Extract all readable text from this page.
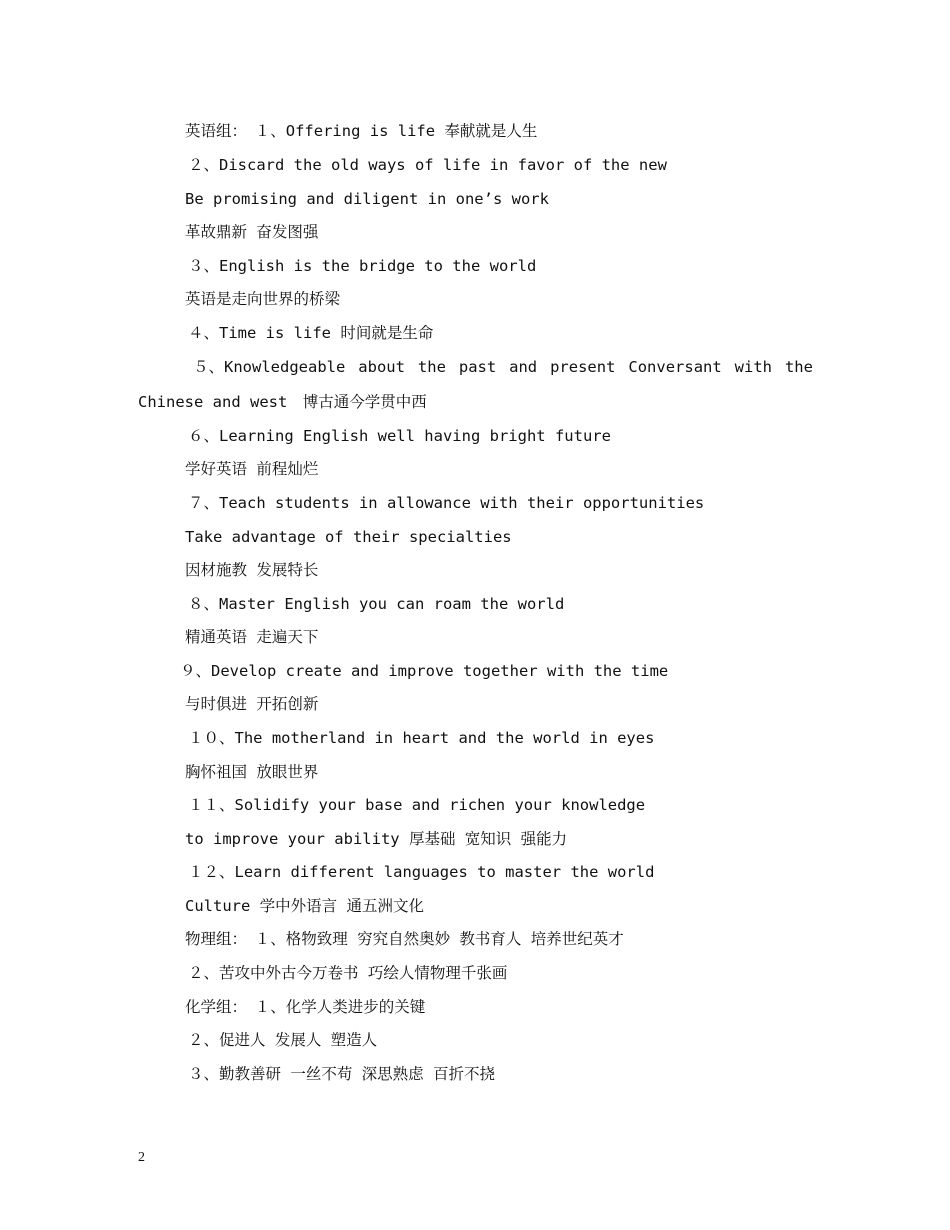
英语组：　１、Offering is life 奉献就是人生
２、Discard the old ways of life in favor of the new
Be promising and diligent in one’s work
革故鼎新 奋发图强
３、English is the bridge to the world
英语是走向世界的桥梁
４、Time is life 时间就是生命
５、Knowledgeable about the past and present Conversant with the
Chinese and west　博古通今学贯中西
６、Learning English well having bright future
学好英语 前程灿烂
７、Teach students in allowance with their opportunities
Take advantage of their specialties
因材施教 发展特长
８、Master English you can roam the world
精通英语 走遍天下
９、Develop create and improve together with the time
与时俱进 开拓创新
１０、The motherland in heart and the world in eyes
胸怀祖国 放眼世界
１１、Solidify your base and richen your knowledge
to improve your ability 厚基础 宽知识 强能力
１２、Learn different languages to master the world
Culture 学中外语言 通五洲文化
物理组：　１、格物致理 穷究自然奥妙 教书育人 培养世纪英才
２、苦攻中外古今万卷书 巧绘人情物理千张画
化学组：　１、化学人类进步的关键
２、促进人 发展人 塑造人
３、勤教善研 一丝不苟 深思熟虑 百折不挠
2
